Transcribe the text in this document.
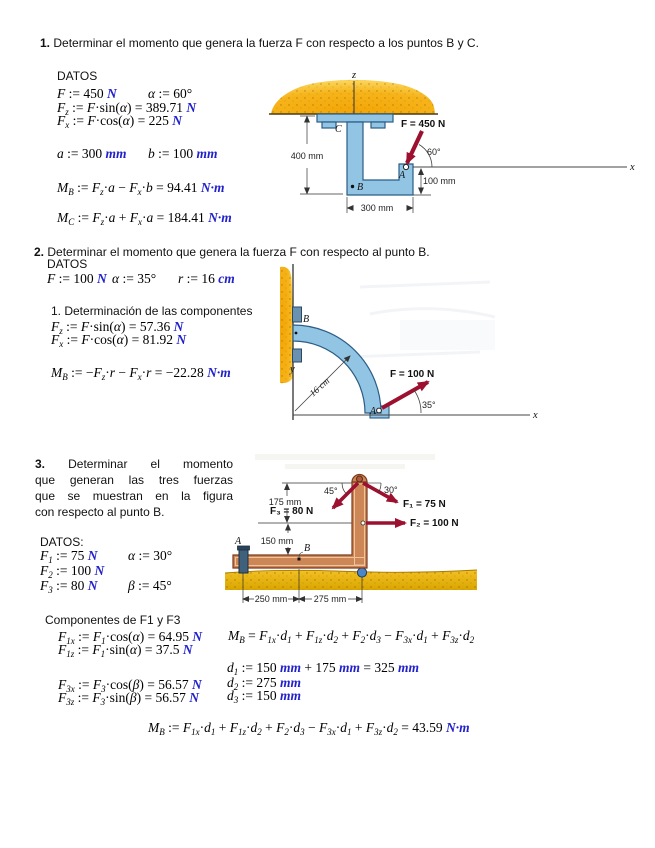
1. Determinar el momento que genera la fuerza F con respecto a los puntos B y C.
DATOS
F := 450 N α := 60°
$F_z$ := F·sin(α) = 389.71 N
$F_x$ := F·cos(α) = 225 N
a := 300 mm b := 100 mm
$M_B$ := $F_z\cdot a - F_x\cdot b = 94.41$ N·m
$M_C$ := $F_z\cdot a + F_x\cdot a = 184.41$ N·m
z
x
B
A
C	F = 450 N
60°
400 mm
100 mm
300 mm
2. Determinar el momento que genera la fuerza F con respecto al punto B.
DATOS
F := 100 N α := 35° r := 16 cm
1. Determinación de las componentes
$F_z$ := F·sin(α) = 57.36 N
$F_x$ := F·cos(α) = 81.92 N
$M_B$ := $-F_z\cdot r - F_x\cdot r = -22.28$ N·m
B
y
x
16 cm
A
F = 100 N
35°
3. Determinar el momento
que generan las tres fuerzas
que se muestran en la figura
con respecto al punto B.
DATOS:
$F_1$ := 75 N α := 30°
$F_2$ := 100 N
$F_3$ := 80 N β := 45°
Componentes de F1 y F3
$F_{1x}$ := $F_1\cdot\cos(\alpha) = 64.95$ N $M_B = F_{1x}\cdot d_1 + F_{1z}\cdot d_2 + F_2\cdot d_3 - F_{3x}\cdot d_1 + F_{3z}\cdot d_2$
$F_{1z}$ := $F_1\cdot\sin(\alpha) = 37.5$ N
$d_1$ := 150 mm + 175 mm = 325 mm
$F_{3x}$ := $F_3\cdot\cos(\beta) = 56.57$ N $d_2$ := 275 mm
$F_{3z}$ := $F_3\cdot\sin(\beta) = 56.57$ N $d_3$ := 150 mm
$M_B$ := $F_{1x}\cdot d_1 + F_{1z}\cdot d_2 + F_2\cdot d_3 - F_{3x}\cdot d_1 + F_{3z}\cdot d_2 = 43.59$ N·m
A
B
F₁ = 75 N
30°
F₃ = 80 N
45°
F₂ = 100 N
175 mm
150 mm
250 mm	275 mm
